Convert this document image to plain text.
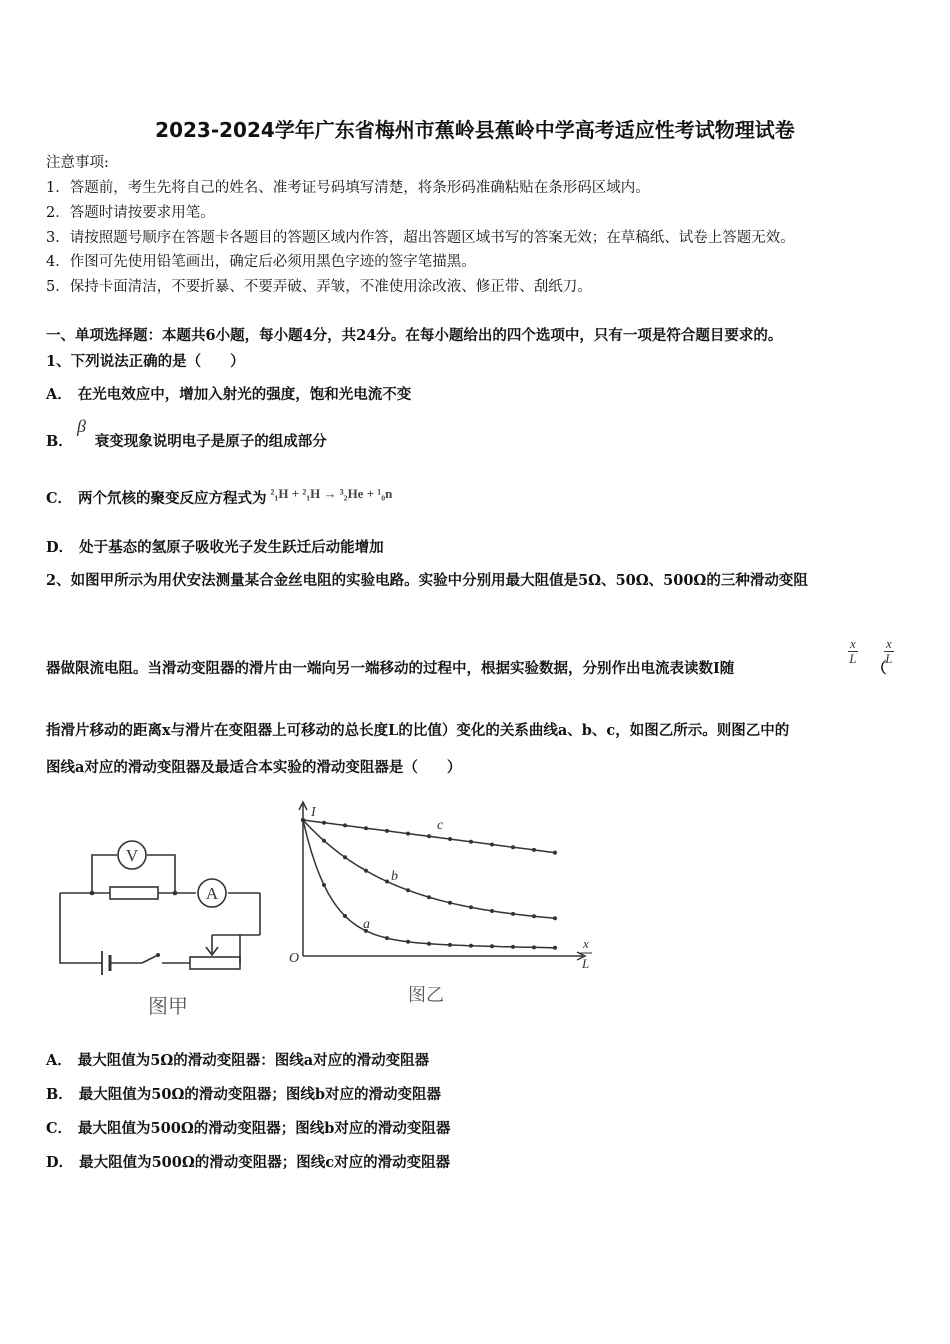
2023-2024学年广东省梅州市蕉岭县蕉岭中学高考适应性考试物理试卷
注意事项:
1．答题前，考生先将自己的姓名、准考证号码填写清楚，将条形码准确粘贴在条形码区域内。
2．答题时请按要求用笔。
3．请按照题号顺序在答题卡各题目的答题区域内作答，超出答题区域书写的答案无效；在草稿纸、试卷上答题无效。
4．作图可先使用铅笔画出，确定后必须用黑色字迹的签字笔描黑。
5．保持卡面清洁，不要折暴、不要弄破、弄皱，不准使用涂改液、修正带、刮纸刀。
一、单项选择题：本题共6小题，每小题4分，共24分。在每小题给出的四个选项中，只有一项是符合题目要求的。
1、下列说法正确的是（　　）
A． 在光电效应中，增加入射光的强度，饱和光电流不变
β
B． 衰变现象说明电子是原子的组成部分
C． 两个氘核的聚变反应方程式为 ²₁H + ²₁H → ³₂He + ¹₀n
D． 处于基态的氢原子吸收光子发生跃迁后动能增加
2、如图甲所示为用伏安法测量某合金丝电阻的实验电路。实验中分别用最大阻值是5Ω、50Ω、500Ω的三种滑动变阻
器做限流电阻。当滑动变阻器的滑片由一端向另一端移动的过程中，根据实验数据，分别作出电流表读数I随
$\frac{x}{L}$
（
$\frac{x}{L}$
指滑片移动的距离x与滑片在变阻器上可移动的总长度L的比值）变化的关系曲线a、b、c，如图乙所示。则图乙中的
图线a对应的滑动变阻器及最适合本实验的滑动变阻器是（　　）
V
A
图甲
I
O
x
L
c
b
a
图乙
A． 最大阻值为5Ω的滑动变阻器：图线a对应的滑动变阻器
B． 最大阻值为50Ω的滑动变阻器；图线b对应的滑动变阻器
C． 最大阻值为500Ω的滑动变阻器；图线b对应的滑动变阻器
D． 最大阻值为500Ω的滑动变阻器；图线c对应的滑动变阻器
